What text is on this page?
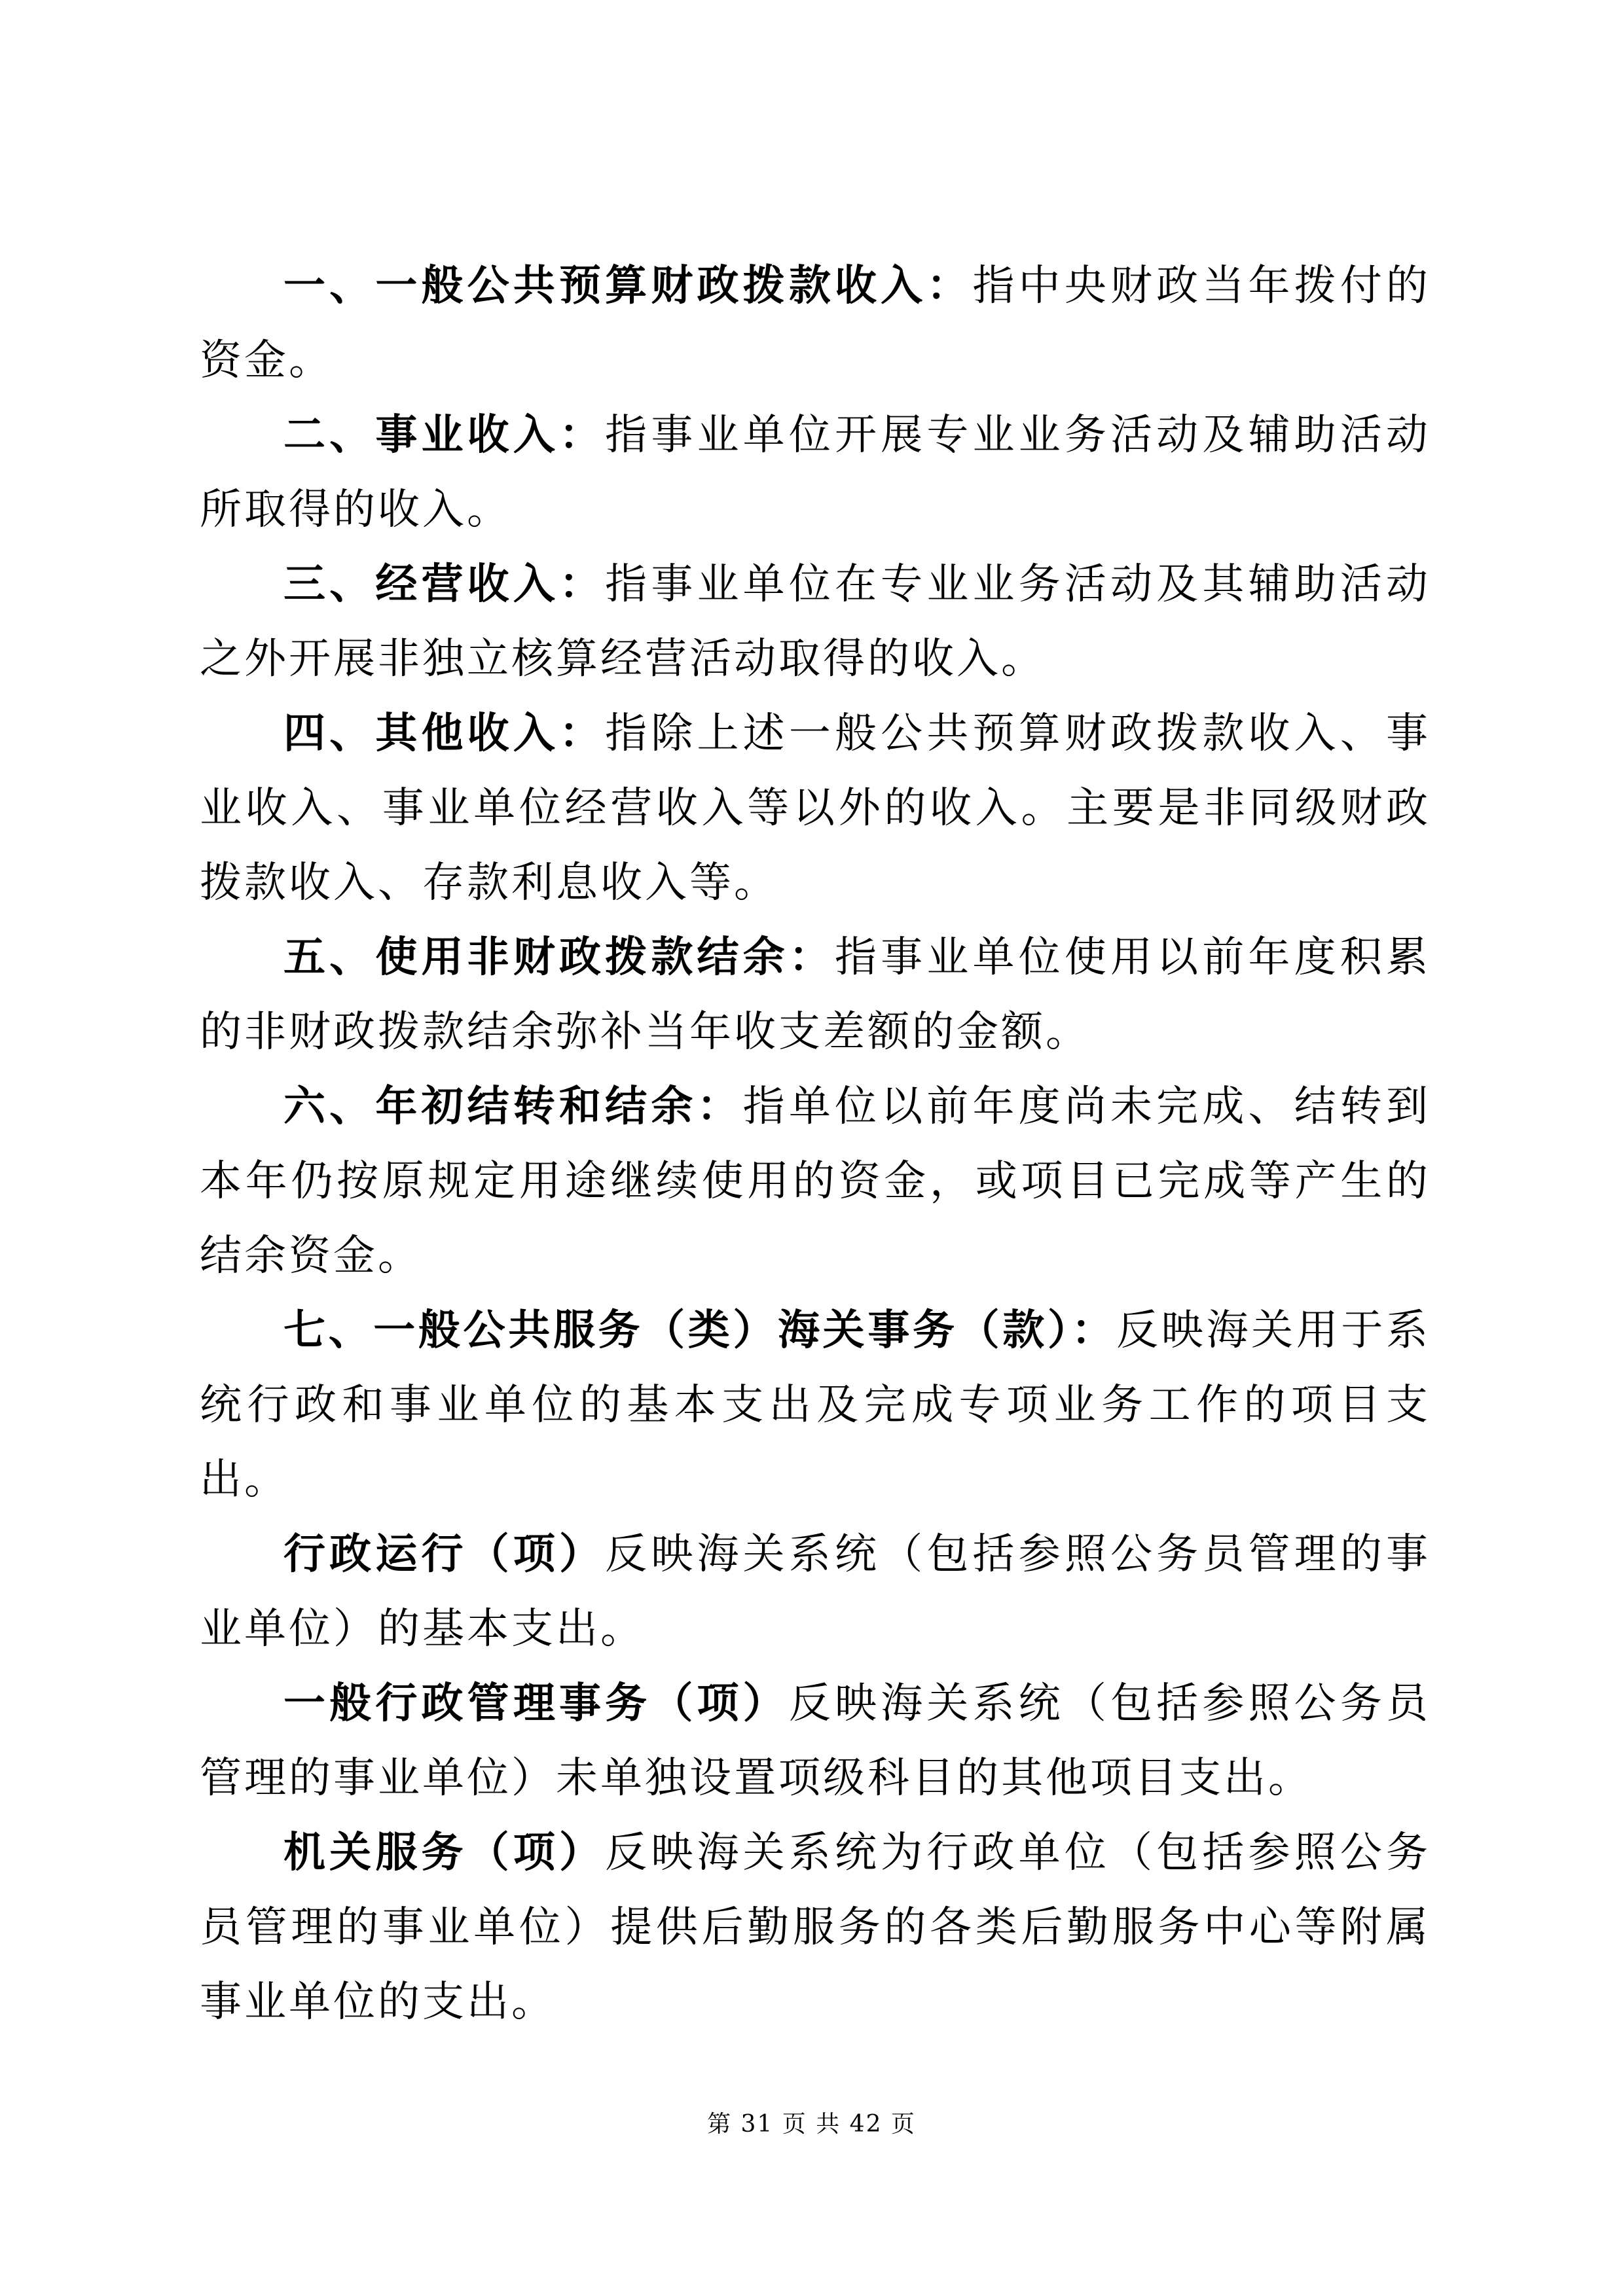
一、一般公共预算财政拨款收入：指中央财政当年拨付的资金。

二、事业收入：指事业单位开展专业业务活动及辅助活动所取得的收入。

三、经营收入：指事业单位在专业业务活动及其辅助活动之外开展非独立核算经营活动取得的收入。

四、其他收入：指除上述一般公共预算财政拨款收入、事业收入、事业单位经营收入等以外的收入。主要是非同级财政拨款收入、存款利息收入等。

五、使用非财政拨款结余：指事业单位使用以前年度积累的非财政拨款结余弥补当年收支差额的金额。

六、年初结转和结余：指单位以前年度尚未完成、结转到本年仍按原规定用途继续使用的资金，或项目已完成等产生的结余资金。

七、一般公共服务（类）海关事务（款）：反映海关用于系统行政和事业单位的基本支出及完成专项业务工作的项目支出。

行政运行（项）反映海关系统（包括参照公务员管理的事业单位）的基本支出。

一般行政管理事务（项）反映海关系统（包括参照公务员管理的事业单位）未单独设置项级科目的其他项目支出。

机关服务（项）反映海关系统为行政单位（包括参照公务员管理的事业单位）提供后勤服务的各类后勤服务中心等附属事业单位的支出。

第 31 页 共 42 页
